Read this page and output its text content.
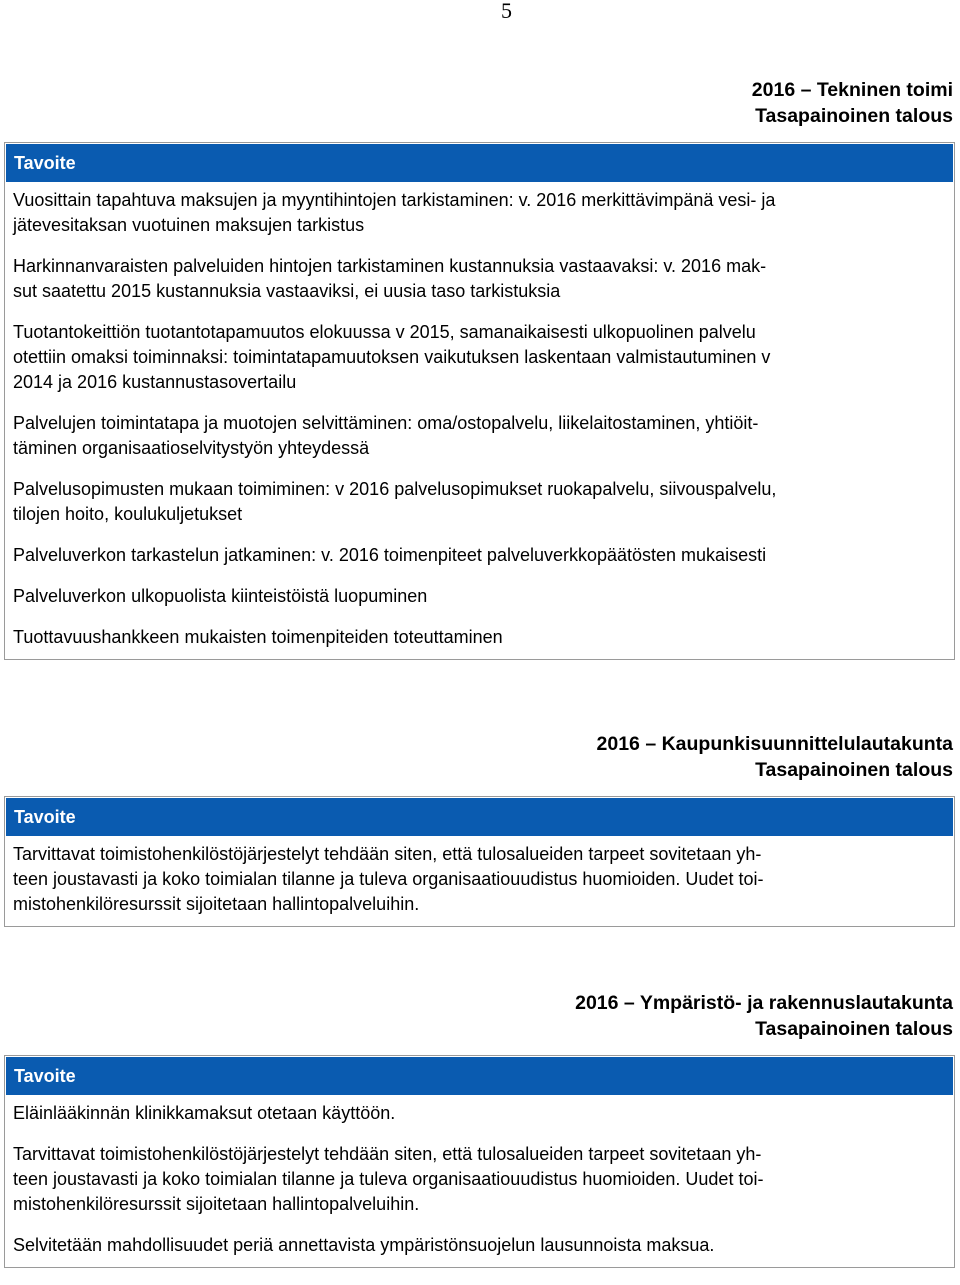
5
2016 – Tekninen toimi
Tasapainoinen talous
Tavoite
Vuosittain tapahtuva maksujen ja myyntihintojen tarkistaminen: v. 2016 merkittävimpänä vesi- ja
jätevesitaksan vuotuinen maksujen tarkistus
Harkinnanvaraisten palveluiden hintojen tarkistaminen kustannuksia vastaavaksi: v. 2016 mak-
sut saatettu 2015 kustannuksia vastaaviksi, ei uusia taso tarkistuksia
Tuotantokeittiön tuotantotapamuutos elokuussa v 2015, samanaikaisesti ulkopuolinen palvelu
otettiin omaksi toiminnaksi: toimintatapamuutoksen vaikutuksen laskentaan valmistautuminen v
2014 ja 2016 kustannustasovertailu
Palvelujen toimintatapa ja muotojen selvittäminen: oma/ostopalvelu, liikelaitostaminen, yhtiöit-
täminen organisaatioselvitystyön yhteydessä
Palvelusopimusten mukaan toimiminen: v 2016 palvelusopimukset ruokapalvelu, siivouspalvelu,
tilojen hoito, koulukuljetukset
Palveluverkon tarkastelun jatkaminen: v. 2016 toimenpiteet palveluverkkopäätösten mukaisesti
Palveluverkon ulkopuolista kiinteistöistä luopuminen
Tuottavuushankkeen mukaisten toimenpiteiden toteuttaminen
2016 – Kaupunkisuunnittelulautakunta
Tasapainoinen talous
Tavoite
Tarvittavat toimistohenkilöstöjärjestelyt tehdään siten, että tulosalueiden tarpeet sovitetaan yh-
teen joustavasti ja koko toimialan tilanne ja tuleva organisaatiouudistus huomioiden. Uudet toi-
mistohenkilöresurssit sijoitetaan hallintopalveluihin.
2016 – Ympäristö- ja rakennuslautakunta
Tasapainoinen talous
Tavoite
Eläinlääkinnän klinikkamaksut otetaan käyttöön.
Tarvittavat toimistohenkilöstöjärjestelyt tehdään siten, että tulosalueiden tarpeet sovitetaan yh-
teen joustavasti ja koko toimialan tilanne ja tuleva organisaatiouudistus huomioiden. Uudet toi-
mistohenkilöresurssit sijoitetaan hallintopalveluihin.
Selvitetään mahdollisuudet periä annettavista ympäristönsuojelun lausunnoista maksua.
